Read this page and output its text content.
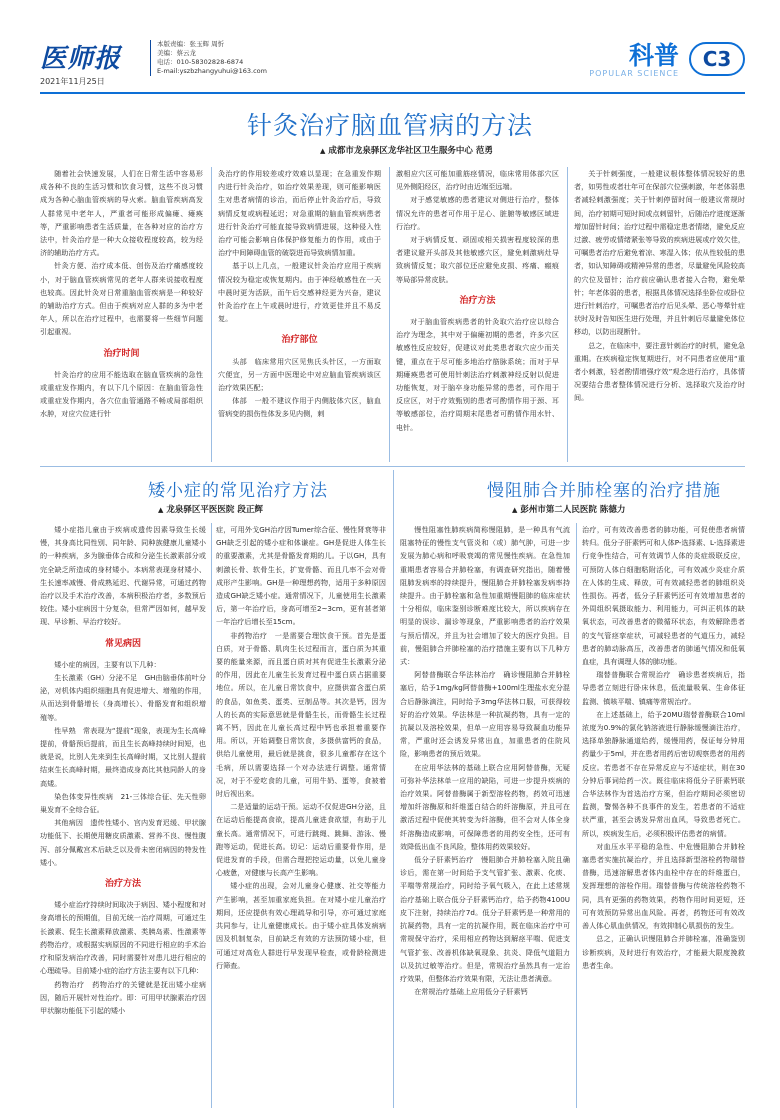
医师报
2021年11月25日
本版责编：张玉辉 周忻
美编：蔡云龙
电话：010-58302828-6874
E-mail:yszbzhangyuhui@163.com
科普
POPULAR SCIENCE
C3
针灸治疗脑血管病的方法
▲ 成都市龙泉驿区龙华社区卫生服务中心 范勇

随着社会快速发展，人们在日常生活中容易形成各种不良的生活习惯和饮食习惯，这些不良习惯成为各种心脑血管疾病的导火索。脑血管疾病高发人群常见中老年人，严重者可能形成偏瘫、瘫痪等，严重影响患者生活质量，在各种对应的治疗方法中，针灸治疗是一种大众接收程度较高，较为经济的辅助治疗方式。

针灸方便、治疗成本低、创伤及治疗痛感度较小，对于脑血管疾病常见的老年人群来说接收程度也较高。因此针灸对日常重脑血管疾病是一种较好的辅助治疗方式。但由于疾病对应人群的多为中老年人，所以在治疗过程中，也需要将一些细节问题引起重视。

治疗时间

针灸治疗的应用不能选取在脑血管疾病的急性或重症发作期内，有以下几个原因：在脑血管急性或重症发作期内，各穴位血管通路不畅或局部组织水肿，对应穴位进行针

灸治疗的作用较差或疗效难以显现；在急重发作期内进行针灸治疗，如治疗效果差现，则可能影响医生对患者病情的诊治，而后停止针灸治疗后，导致病情反复或病程延迟；对急重期的脑血管疾病患者进行针灸治疗可能直接导致病情进展，这种侵入性治疗可能会影响自体保护修复能力的作用，或由于治疗中间障碍血管的破裂进而导致病情加重。

基于以上几点，一般建议针灸治疗应用于疾病情况较为稳定或恢复期内。由于神经敏感性在一天中晨时更为活跃，而午后交感神经更为兴奋，建议针灸治疗在上午或晨时进行，疗效更佳并且不易反复。

治疗部位

头部　临床常用穴区见焦氏头针区，一方面取穴便宜，另一方面中医理论中对应脑血管疾病该区治疗效果匹配；

体部　一般不建议作用于内侧肢体穴区，脑血管病变的损伤性体发多见内侧，刺

激相应穴区可能加重筋痉情况，临床常用体部穴区见外侧阳经区，治疗时由近端至远端。

对于感觉敏感的患者建议对侧进行治疗，整体情况允许的患者可作用于足心、脏腑等敏感区域进行治疗。

对于病情反复、顽固或相关损害程度较深的患者建议避开头部及其他敏感穴区，避免刺激病灶导致病情反复；取穴部位还应避免皮损、疼痛、瘢痕等局部异常皮肤。

治疗方法

对于脑血管疾病患者的针灸取穴治疗应以综合治疗为理念，其中对于偏瘫初期的患者，许多穴区敏感性反应较好，促建议对此类患者取穴应少而关键，重点在于尽可能多地治疗筋脉系统；而对于早期瘫痪患者可使用针刺法治疗刺激神经反射以促进功能恢复，对于脑卒身功能异常的患者，可作用于反应区，对于疗效甄别的患者可酌情作用于颈、耳等敏感部位，治疗周期末尾患者可酌情作用水针、电针。

关于针刺强度，一般建议根体整体情况较好的患者，如男性或者壮年可在保部穴位强刺激，年老体弱患者减轻刺激强度；关于针刺停留时间一般建议常规时间，治疗初期可短时间或点刺留针，后随治疗进度逐渐增加留针时间；治疗过程中需稳定患者情绪，避免反应过激、疲劳或情绪紧张等导致的疾病进展或疗效欠佳，可嘱患者治疗后避免着凉、寒湿入体；依从性较低的患者，如认知障碍或精神异常的患者，尽量避免风险较高的穴位及留针；治疗前应确认患者接入合物，避免晕针；年老体弱的患者，根据具体情况选择坐卧位或卧位进行针刺治疗，可嘱患者治疗后见头晕、恶心等晕针症状时及时告知医生进行处理，并且针刺后尽量避免体位移动，以防出现断针。

总之，在临床中，要注意针刺治疗的时机，避免急重期。在疾病稳定恢复期进行，对不同患者应使用“重者小刺激，轻者酌情增强疗效”观念进行治疗，具体情况要结合患者整体情况进行分析、选择取穴及治疗时间。

矮小症的常见治疗方法
▲ 龙泉驿区平医医院 段正辉

矮小症指儿童由于疾病或遗传因素导致生长缓慢，其身高比同性别、同年龄、同种族健康儿童矮小的一种疾病，多为腺垂体合成和分泌生长激素部分或完全缺乏所造成的身材矮小。本病常表现身材矮小、生长速率减慢、骨成熟延迟、代谢异常，可通过药物治疗以及手术治疗改善，本病积极治疗者，多数预后较佳。矮小症病因十分复杂，但常严因如何，越早发现、早诊断、早治疗较好。

常见病因

矮小症的病因，主要有以下几种：

生长激素（GH）分泌不足　GH由脑垂体前叶分泌，对机体内组织细胞具有促进增大、增殖的作用，从而达到骨骼增长（身高增长）、骨骼发育和组织增殖等。

性早熟　常表现为“提前”现象，表现为生长高峰提前，骨骼预后提前，而且生长高峰持续时间短，也就是说，比别人先来到生长高峰时期，又比别人提前结束生长高峰时期，最终造成身高比其他同龄人的身高矮。

染色体变异性疾病　21-三体综合征、先天性卵巢发育不全综合征。

其他病因　遗传性矮小、宫内发育迟缓、甲状腺功能低下、长期使用糖皮质激素、营养不良、慢性腹泻、部分佩戴宫术后缺乏以及骨未密闭病因的特发性矮小。

治疗方法

矮小症治疗持续时间取决于病因、矮小程度和对身高增长的预期值，目前无统一治疗周期，可通过生长激素、促生长激素释放激素、类胰岛素、性激素等药物治疗，或根据实病原因的不同进行相应的手术治疗和原发病治疗改善，同时需要针对患儿进行相应的心理疏导。目前矮小症的治疗方法主要有以下几种：

药物治疗　药物治疗的关键就是抚出矮小症病因，随后开展针对性治疗。即：可用甲状腺素治疗因甲状腺功能低下引起的矮小

症，可用外戈GH治疗因Tumer综合征、慢性肾衰等非GH缺乏引起的矮小症和体谦症。GH是促进人体生长的重要激素，尤其是骨骼发育期的儿。于以GH，具有刺激长骨、软骨生长，扩宽骨骼、而且几率不会对骨成形产生影响。GH是一种理想药物，适用于多种原因造成GH缺乏矮小症。通常情况下，儿童使用生长激素后，第一年治疗后，身高可增至2~3cm，更有甚者第一年治疗后增长至15cm。

非药物治疗　一是需要合理饮食干预。首先是蛋白质，对于骨骼、肌肉生长过程而言，蛋白质为其重要的能量来源，而且蛋白质对其有促进生长激素分泌的作用，因此在儿童生长发育过程中蛋白质占据重要地位。所以，在儿童日常饮食中，应摄供富含蛋白质的食品，如鱼类、蛋类、豆制品等。其次是钙，因为人的长高的实际意思就是骨骼生长，而骨骼生长过程离不钙，因此在儿童长高过程中钙也承担着重要作用。所以，开始调整日常饮食，多摄供富钙的食品，供给儿童使用，最后就是挑食，很多儿童都存在这个毛病，所以需要选择一个对办法进行调整。通常情况，对于不爱吃食的儿童，可用牛奶、蛋等，食被着时后视出来。

二是适量的运动干预。运动不仅促进GH分泌，且在运动后能提高食欲，提高儿童进食欲望，有助于儿童长高。通常情况下，可进行跳绳、跳舞、游泳、慢跑等运动，促进长高。切记：运动后重要骨作用，是促进发育的手段，但需合理把控运动量，以免儿童身心疲惫，对健康与长高产生影响。

矮小症的出现，会对儿童身心健康、社交等能力产生影响，甚至加重家庭负担。在对矮小症儿童治疗期间，还应提供有效心理疏导和引导，亦可通过家庭共同参与，让儿童健康成长。由于矮小症具体发病病因及机制复杂，目前缺乏有效的方法预防矮小症，但可通过对高危人群进行早发现早检查，或骨龄检测进行筛查。

慢阻肺合并肺栓塞的治疗措施
▲ 彭州市第二人民医院 陈德力

慢性阻塞性肺疾病简称慢阻肺，是一种具有气流阻塞特征的慢性支气管炎和（或）肺气肿，可进一步发展为肺心病和呼吸衰竭的常见慢性疾病。在急性加重期患者容易合并肺栓塞，有调查研究指出，随着慢阻肺发病率的持续提升，慢阻肺合并肺栓塞发病率持续提升。由于肺栓塞和急性加重期慢阻肺的临床症状十分相似，临床鉴别诊断难度比较大，所以疾病存在明显的误诊、漏诊等现象，严重影响患者的治疗效果与预后情况，并且为社会增加了较大的医疗负担。目前，慢阻肺合并肺栓塞的治疗措施主要有以下几种方式：

阿替普酶联合华法林治疗　确诊慢阻肺合并肺栓塞后，给予1mg/kg阿替普酶+100ml生理盐水充分混合后静脉滴注，同时给予3mg华法林口服，可获得较好的治疗效果。华法林是一种抗凝药物，具有一定的抗凝以及溶栓效果，但单一应用容易导致凝血功能异常，严重时还会诱发异常出血，加重患者的住院风险，影响患者的预后效果。

在应用华法林的基础上联合应用阿替普酶，无疑可弥补华法林单一应用的缺陷，可进一步提升疾病的治疗效果。阿替普酶属于新型溶栓药物，药效可迅速增加纤溶酶原和纤维蛋白结合的纤溶酶原，并且可在激活过程中促使其转变为纤溶酶，但不会对人体全身纤溶酶造成影响，可保障患者的用药安全性，还可有效降低出血不良风险，整体用药效果较好。

低分子肝素钙治疗　慢阻肺合并肺栓塞入院且确诊后，需在第一时间给予支气管扩张、激素、化痰、平喘等常规治疗，同时给予氧气吸入，在此上述常规治疗基础上联合低分子肝素钙治疗，给予药物4100U皮下注射，持续治疗7d。低分子肝素钙是一种常用的抗凝药物，具有一定的抗凝作用，既在临床治疗中可常规保守治疗，采用相应药物达到解痉平喘、促进支气管扩张、改善机体缺氧现象、抗炎、降低气道阻力以及抗过敏等治疗。但是，常规治疗虽然具有一定治疗效果，但整体治疗效果有限，无法让患者满意。

在常规治疗基础上应用低分子肝素钙

治疗，可有效改善患者的肺功能，可促使患者病情转归。低分子肝素钙可和人体P-选择素、L-选择素进行竞争性结合，可有效调节人体的炎症级联反应，可预防人体白细胞粘附活化，可有效减少炎症介质在人体的生成、释放，可有效减轻患者的肺组织炎性损伤。再者，低分子肝素钙还可有效增加患者的外周组织氧摄取能力、利用能力，可纠正机体的缺氧状态，可改善患者的微循环状态，有效解除患者的支气管痉挛症状，可减轻患者的气道压力，减轻患者的肺动脉高压，改善患者的肺通气情况和低氧血症，具有调理人体的肺功能。

瑞替普酶联合常规治疗　确诊患者疾病后，指导患者立刻进行卧床休息，低流量吸氧、生命体征监测、镇咳平喘、镇痛等常规治疗。

在上述基础上，给予20MU瑞替普酶联合10ml浓度为0.9%的氯化钠溶液进行静脉缓慢滴注治疗，选择单独静脉通道给药，缓慢用药，保证每分钟用药量少于5ml，并在患者用药后密切观察患者的用药反应。若患者不存在异常反应与不适症状，则在30分钟后事词给药一次。既往临床将低分子肝素钙联合华法林作为首选治疗方案，但治疗期间必须密切监测，警惕各种不良事件的发生，若患者的不适症状严重，甚至会诱发异常出血风，导致患者死亡。所以，疾病发生后，必须积极评估患者的病情。

对血压水平平稳的急性、中危慢阻肺合并肺栓塞患者实施抗凝治疗，并且选择新型溶栓药物瑞替普酶，迅速溶解患者体内血栓中存在的纤维蛋白，发挥理想的溶栓作用。瑞替普酶与传统溶栓药物不同，具有更强的药物效果，药物作用时间更短，还可有效预防异常出血风险。再者，药物还可有效改善人体心肌血供情况，有效抑制心肌损伤的发生。

总之，正确认识慢阻肺合并肺栓塞，准确鉴别诊断疾病，及时进行有效治疗，才能最大限度挽救患者生命。
